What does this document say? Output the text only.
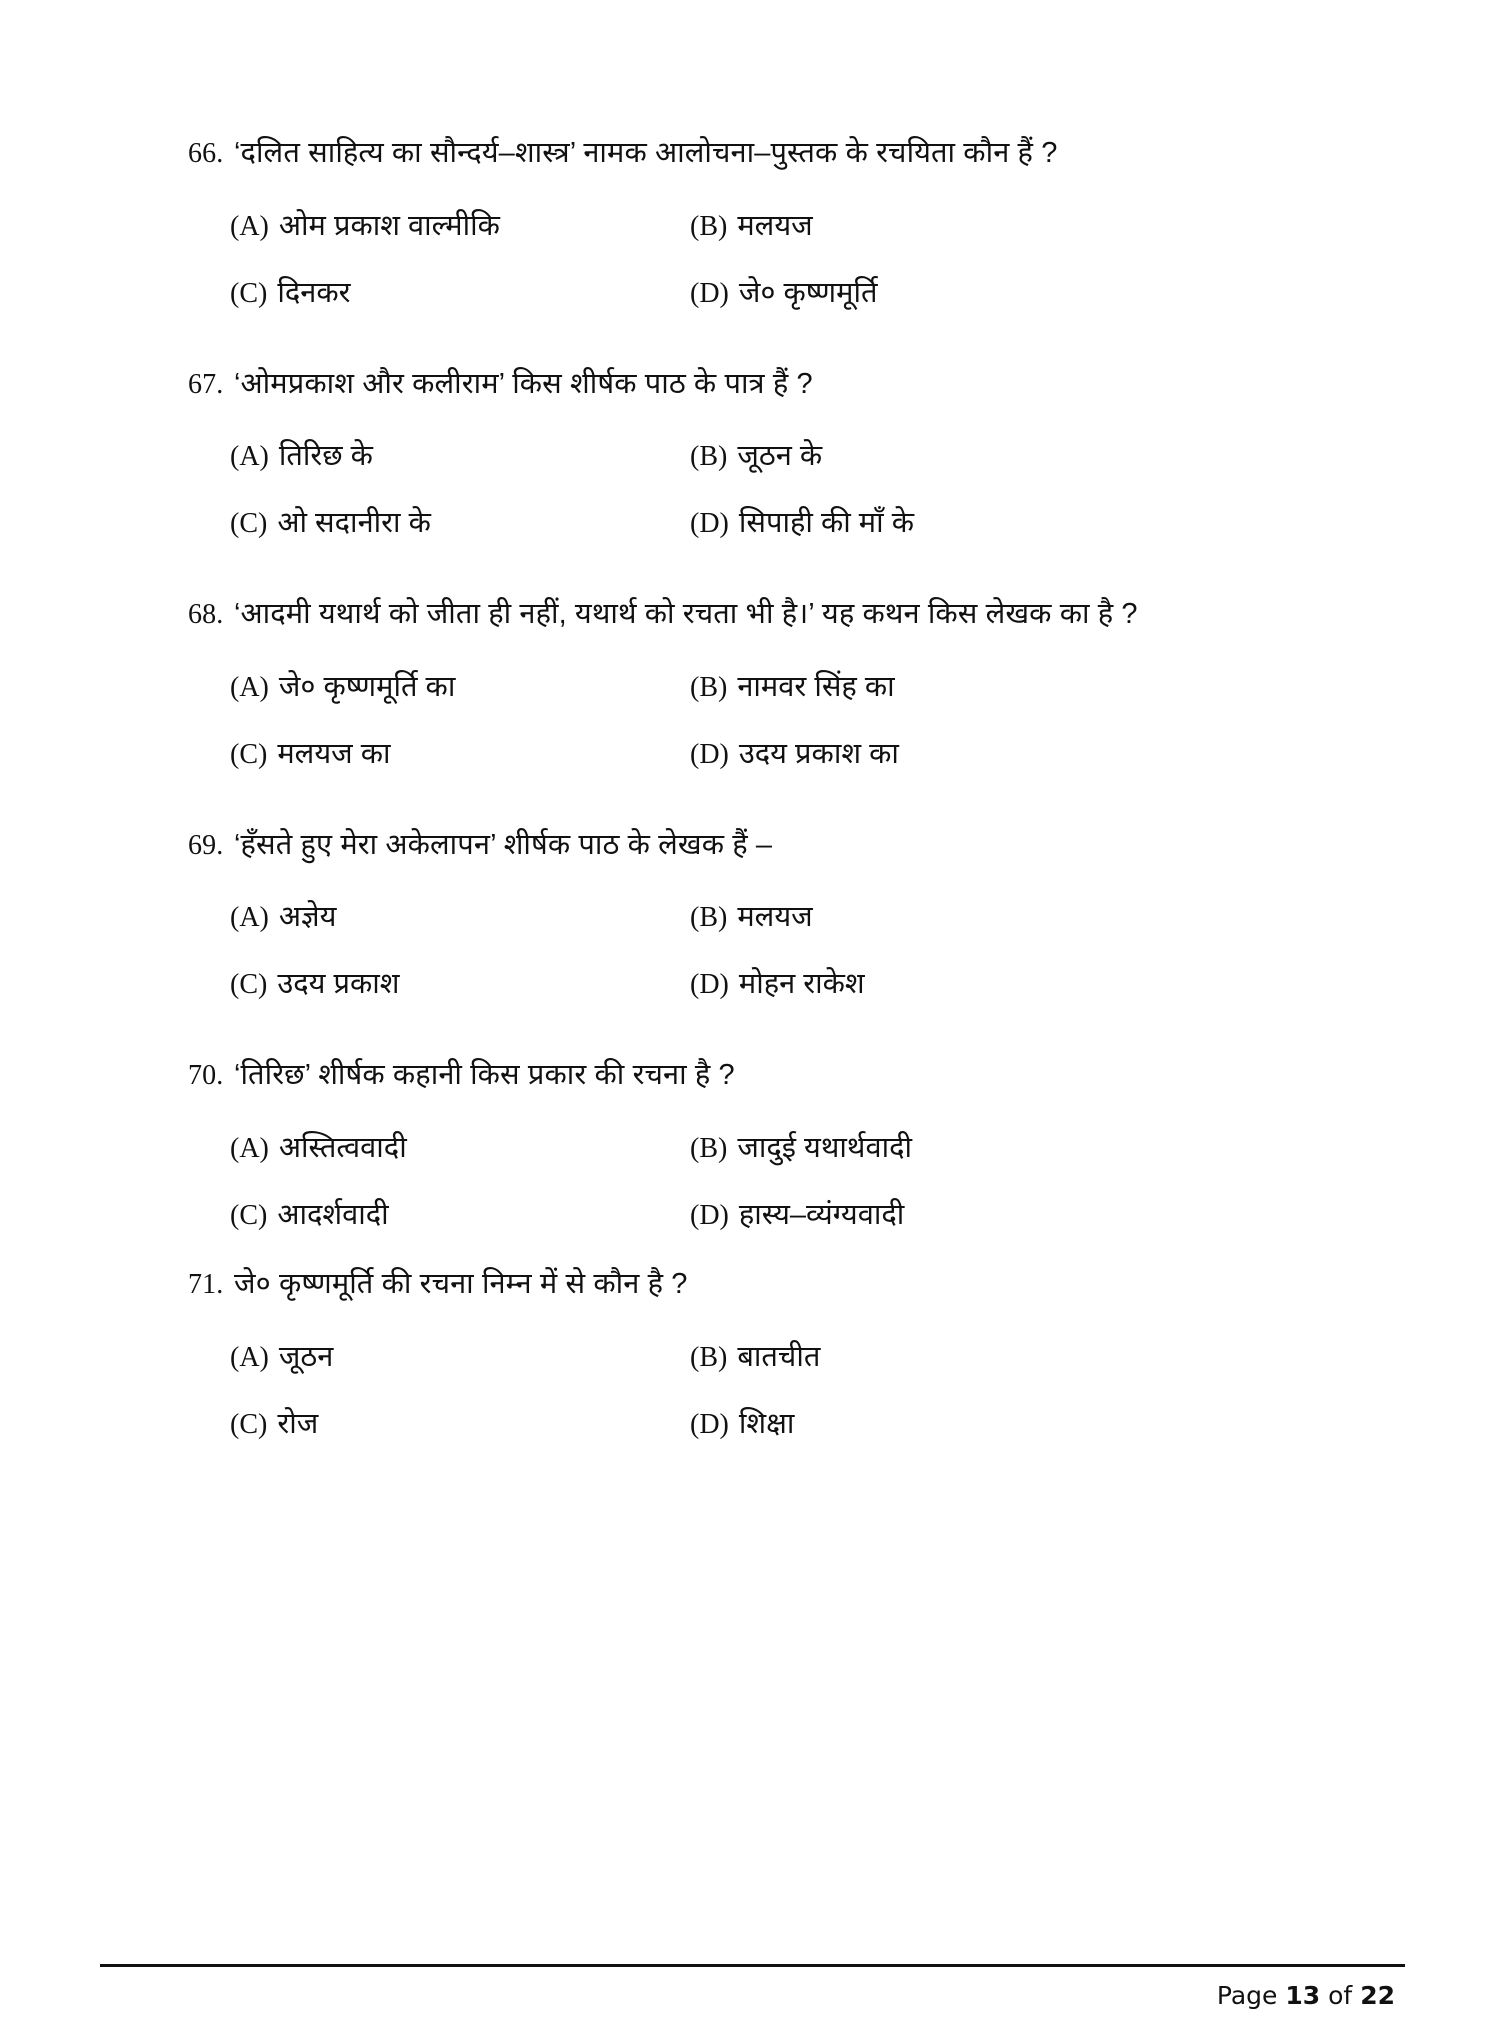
66. ‘दलित साहित्य का सौन्दर्य–शास्त्र’ नामक आलोचना–पुस्तक के रचयिता कौन हैं ?
(A) ओम प्रकाश वाल्मीकि	(B) मलयज
(C) दिनकर	(D) जे० कृष्णमूर्ति
67. ‘ओमप्रकाश और कलीराम’ किस शीर्षक पाठ के पात्र हैं ?
(A) तिरिछ के	(B) जूठन के
(C) ओ सदानीरा के	(D) सिपाही की माँ के
68. ‘आदमी यथार्थ को जीता ही नहीं, यथार्थ को रचता भी है।’ यह कथन किस लेखक का है ?
(A) जे० कृष्णमूर्ति का	(B) नामवर सिंह का
(C) मलयज का	(D) उदय प्रकाश का
69. ‘हँसते हुए मेरा अकेलापन’ शीर्षक पाठ के लेखक हैं –
(A) अज्ञेय	(B) मलयज
(C) उदय प्रकाश	(D) मोहन राकेश
70. ‘तिरिछ’ शीर्षक कहानी किस प्रकार की रचना है ?
(A) अस्तित्ववादी	(B) जादुई यथार्थवादी
(C) आदर्शवादी	(D) हास्य–व्यंग्यवादी
71. जे० कृष्णमूर्ति की रचना निम्न में से कौन है ?
(A) जूठन	(B) बातचीत
(C) रोज	(D) शिक्षा
Page 13 of 22
